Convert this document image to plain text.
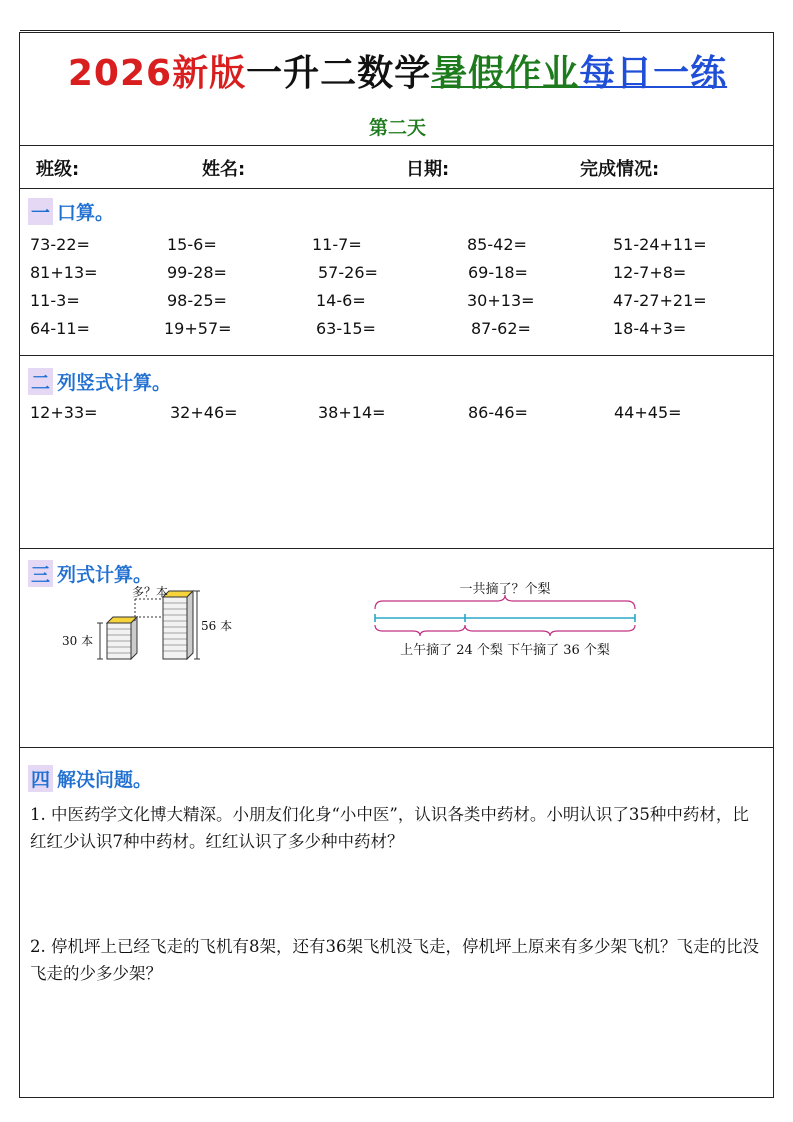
2026新版一升二数学暑假作业每日一练
第二天
班级:	姓名:	日期:	完成情况:
一 口算。
73-22=	15-6=	11-7=	85-42=	51-24+11=
81+13=	99-28=	57-26=	69-18=	12-7+8=
11-3=	98-25=	14-6=	30+13=	47-27+21=
64-11=	19+57=	63-15=	87-62=	18-4+3=
二 列竖式计算。
12+33=	32+46=	38+14=	86-46=	44+45=
三 列式计算。
30 本
多？本
56 本
一共摘了？个梨
上午摘了 24 个梨 下午摘了 36 个梨
四 解决问题。
1. 中医药学文化博大精深。小朋友们化身“小中医”，认识各类中药材。小明认识了35种中药材，比红红少认识7种中药材。红红认识了多少种中药材？
2. 停机坪上已经飞走的飞机有8架，还有36架飞机没飞走，停机坪上原来有多少架飞机？飞走的比没飞走的少多少架？
